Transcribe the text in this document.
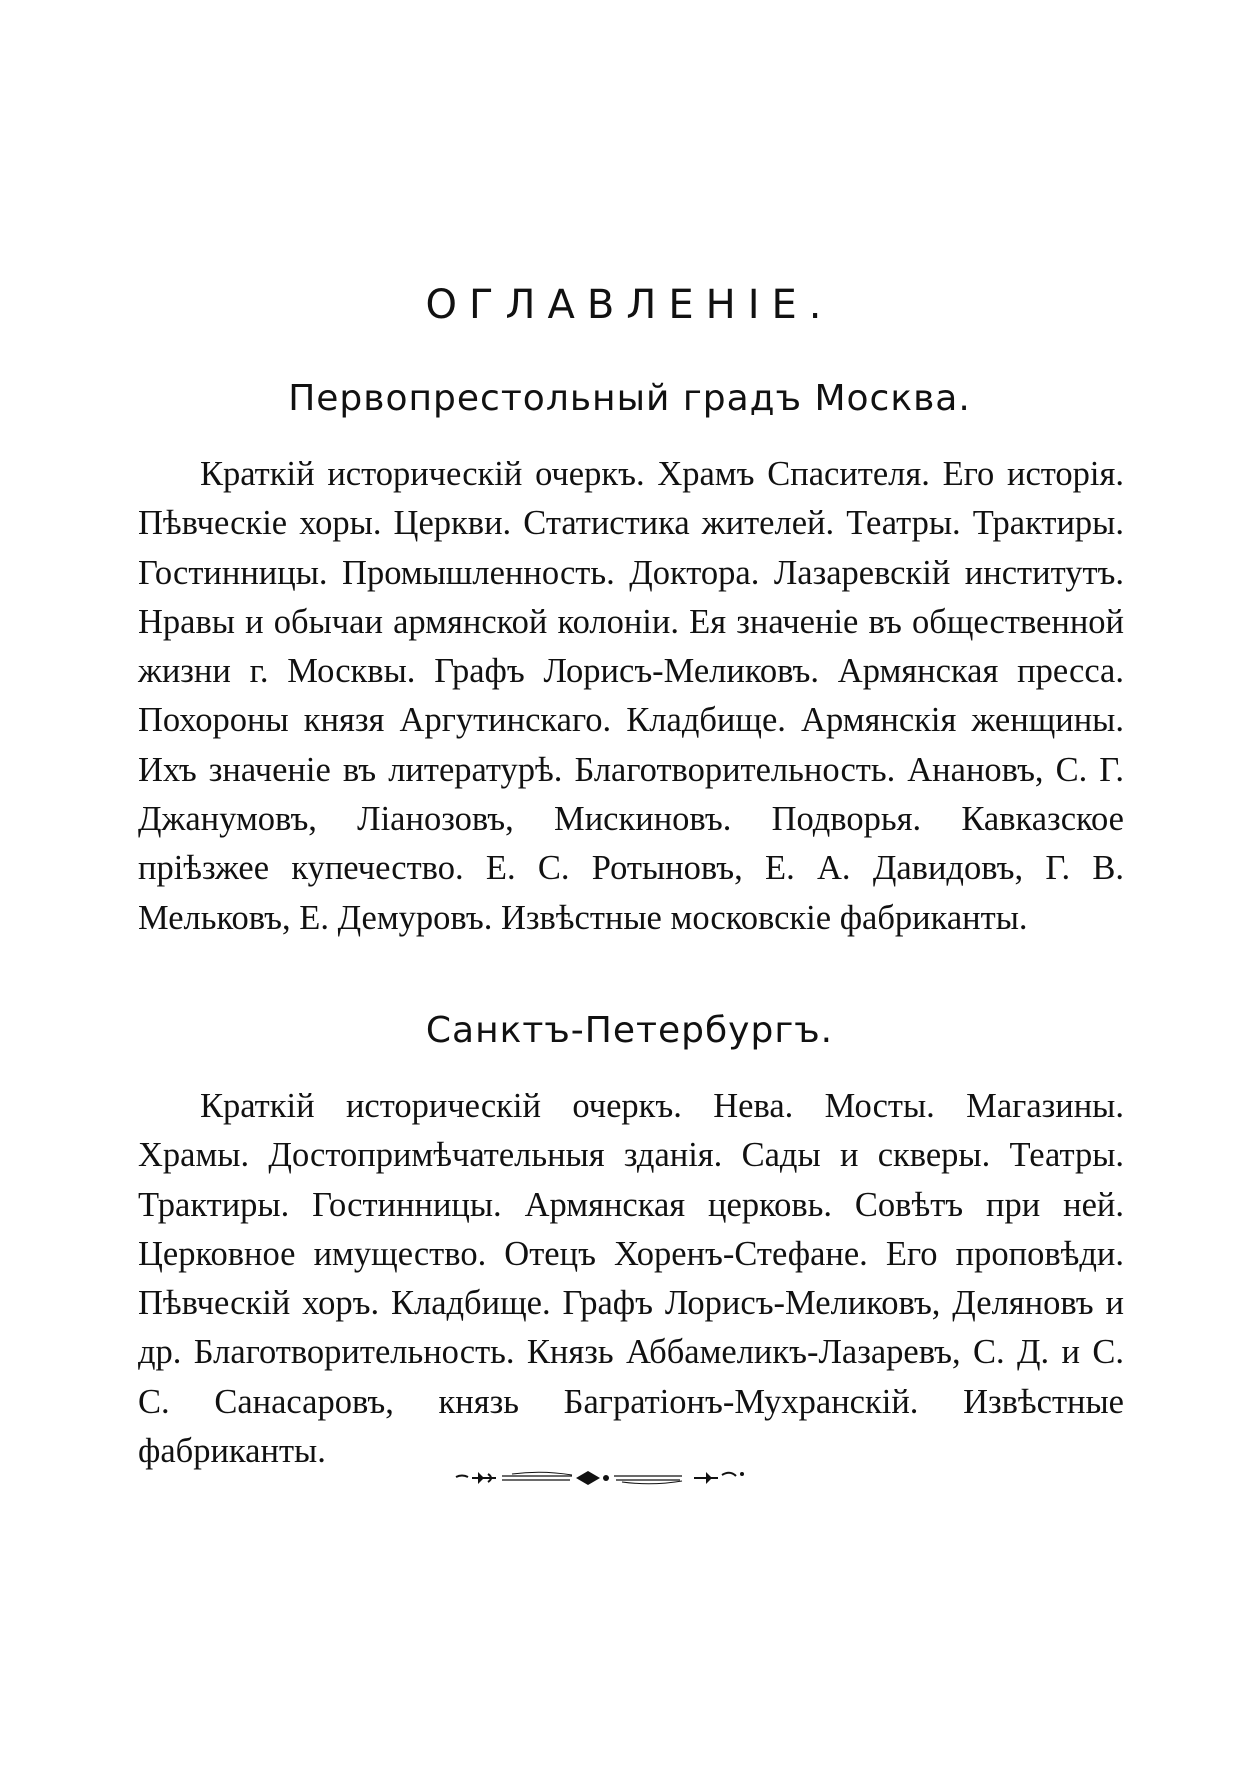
ОГЛАВЛЕНІЕ.
Первопрестольный градъ Москва.

Краткій историческій очеркъ. Храмъ Спасителя. Его исторія. Пѣвческіе хоры. Церкви. Статистика жителей. Театры. Трактиры. Гостинницы. Промышленность. Доктора. Лазаревскій институтъ. Нравы и обычаи армянской колоніи. Ея значеніе въ общественной жизни г. Москвы. Графъ Лорисъ-Меликовъ. Армянская пресса. Похороны князя Аргутинскаго. Кладбище. Армянскія женщины. Ихъ значеніе въ литературѣ. Благотворительность. Анановъ, С. Г. Джанумовъ, Ліанозовъ, Мискиновъ. Подворья. Кавказское пріѣзжее купечество. Е. С. Ротыновъ, Е. А. Давидовъ, Г. В. Мельковъ, Е. Демуровъ. Извѣстные московскіе фабриканты.

Санктъ-Петербургъ.

Краткій историческій очеркъ. Нева. Мосты. Магазины. Храмы. Достопримѣчательныя зданія. Сады и скверы. Театры. Трактиры. Гостинницы. Армянская церковь. Совѣтъ при ней. Церковное имущество. Отецъ Хоренъ-Стефане. Его проповѣди. Пѣвческій хоръ. Кладбище. Графъ Лорисъ-Меликовъ, Деляновъ и др. Благотворительность. Князь Аббамеликъ-Лазаревъ, С. Д. и С. С. Санасаровъ, князь Багратіонъ-Мухранскій. Извѣстные фабриканты.
